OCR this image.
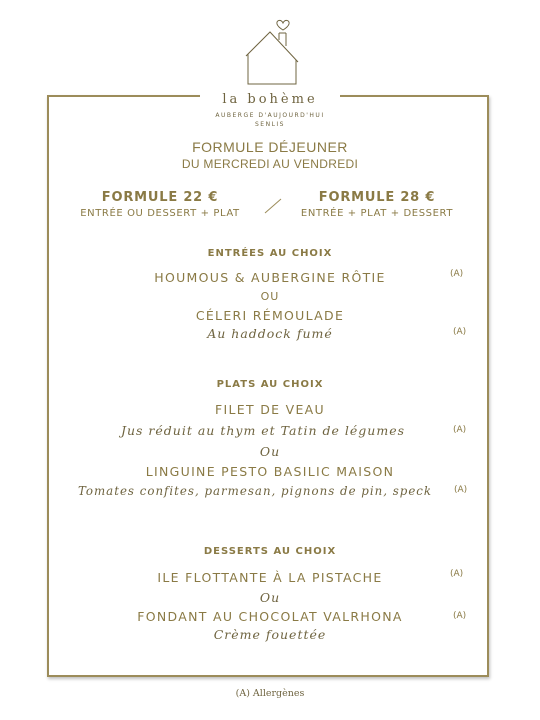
la bohème
AUBERGE D'AUJOURD'HUI
SENLIS
FORMULE DÉJEUNER
DU MERCREDI AU VENDREDI
FORMULE 22 €
ENTRÉE OU DESSERT + PLAT
FORMULE 28 €
ENTRÉE + PLAT + DESSERT
ENTRÉES AU CHOIX
HOUMOUS & AUBERGINE RÔTIE	(A)
OU
CÉLERI RÉMOULADE
Au haddock fumé	(A)
PLATS AU CHOIX
FILET DE VEAU
Jus réduit au thym et Tatin de légumes	(A)
Ou
LINGUINE PESTO BASILIC MAISON
Tomates confites, parmesan, pignons de pin, speck	(A)
DESSERTS AU CHOIX
ILE FLOTTANTE À LA PISTACHE	(A)
Ou
FONDANT AU CHOCOLAT VALRHONA	(A)
Crème fouettée
(A) Allergènes
